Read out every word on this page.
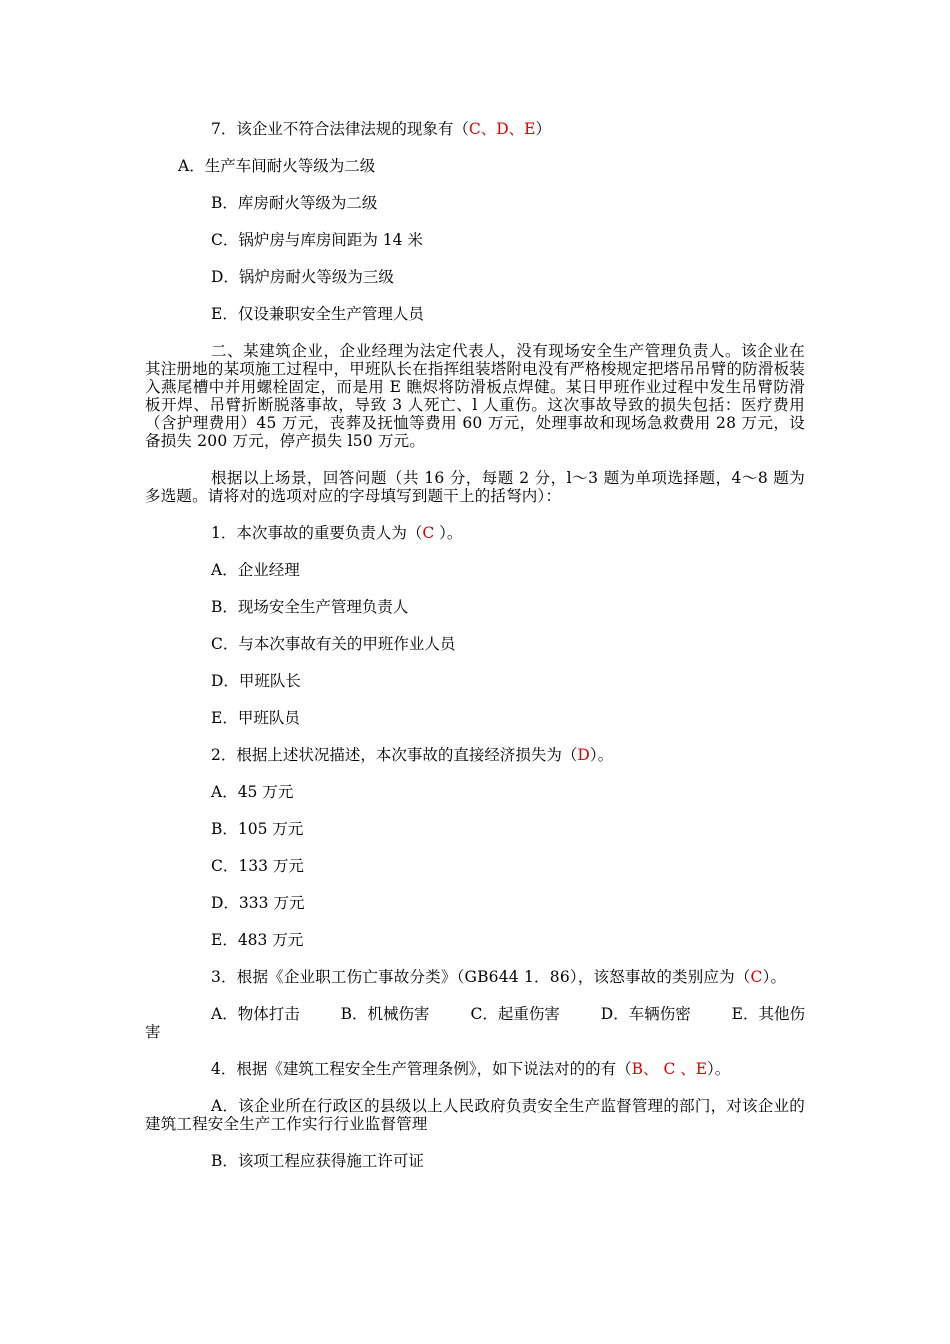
7．该企业不符合法律法规的现象有（C、D、E）

A．生产车间耐火等级为二级

B．库房耐火等级为二级

C．锅炉房与库房间距为 14 米

D．锅炉房耐火等级为三级

E．仅设兼职安全生产管理人员

二、某建筑企业，企业经理为法定代表人，没有现场安全生产管理负责人。该企业在其注册地的某项施工过程中，甲班队长在指挥组装塔附电没有严格梭规定把塔吊吊臂的防滑板装入燕尾槽中并用螺栓固定，而是用 E 瞧烬将防滑板点焊健。某日甲班作业过程中发生吊臂防滑板开焊、吊臂折断脱落事故，导致 3 人死亡、l 人重伤。这次事故导致的损失包括：医疗费用（含护理费用）45 万元，丧葬及抚恤等费用 60 万元，处理事故和现场急救费用 28 万元，设备损失 200 万元，停产损失 l50 万元。

根据以上场景，回答问题（共 16 分，每题 2 分，l～3 题为单项选择题，4～8 题为多选题。请将对的选项对应的字母填写到题干上的括弩内）：

1．本次事故的重要负责人为（C ）。

A．企业经理

B．现场安全生产管理负责人

C．与本次事故有关的甲班作业人员

D．甲班队长

E．甲班队员

2．根据上述状况描述，本次事故的直接经济损失为（D）。

A．45 万元

B．105 万元

C．133 万元

D．333 万元

E．483 万元

3．根据《企业职工伤亡事故分类》（GB644 1．86），该怒事故的类别应为（C）。

A．物体打击	B．机械伤害	C．起重伤害	D．车辆伤密	E．其他伤

害

4．根据《建筑工程安全生产管理条例》，如下说法对的的有（B、 C 、E）。

A．该企业所在行政区的县级以上人民政府负责安全生产监督管理的部门，对该企业的建筑工程安全生产工作实行行业监督管理

B．该项工程应获得施工许可证
